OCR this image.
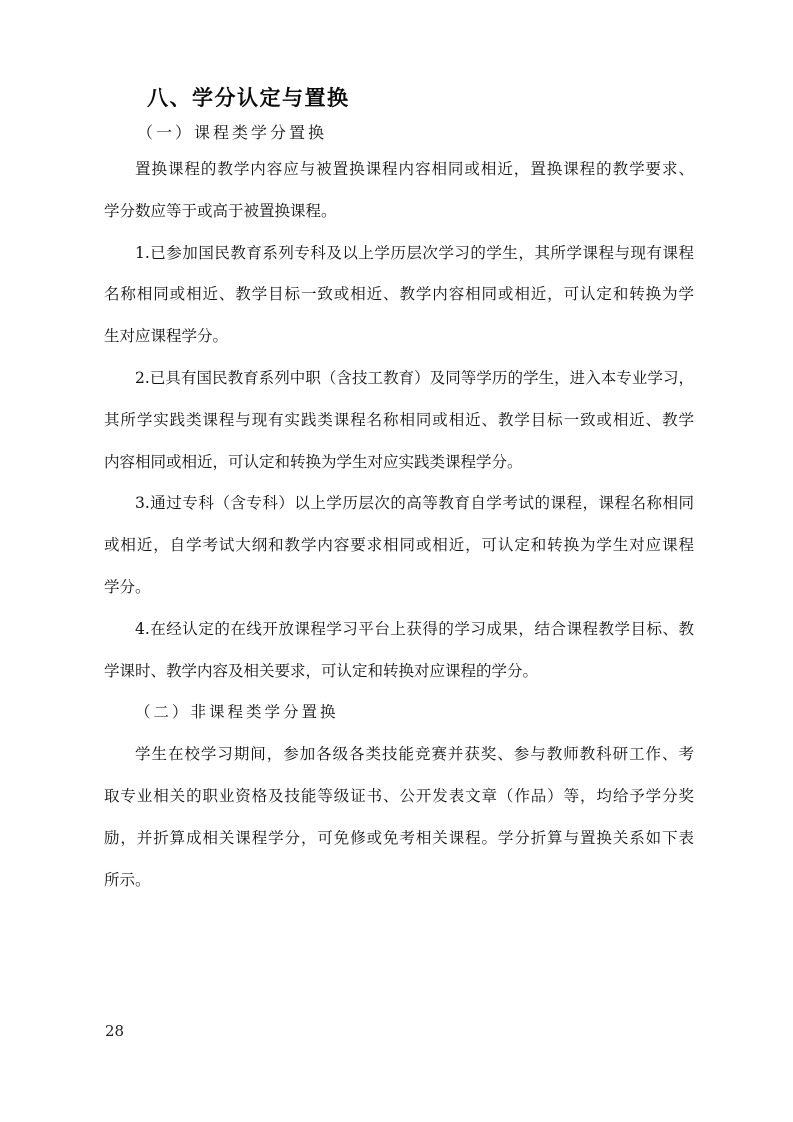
八、学分认定与置换
（一）课程类学分置换
置换课程的教学内容应与被置换课程内容相同或相近，置换课程的教学要求、
学分数应等于或高于被置换课程。
1.已参加国民教育系列专科及以上学历层次学习的学生，其所学课程与现有课程
名称相同或相近、教学目标一致或相近、教学内容相同或相近，可认定和转换为学
生对应课程学分。
2.已具有国民教育系列中职（含技工教育）及同等学历的学生，进入本专业学习，
其所学实践类课程与现有实践类课程名称相同或相近、教学目标一致或相近、教学
内容相同或相近，可认定和转换为学生对应实践类课程学分。
3.通过专科（含专科）以上学历层次的高等教育自学考试的课程，课程名称相同
或相近，自学考试大纲和教学内容要求相同或相近，可认定和转换为学生对应课程
学分。
4.在经认定的在线开放课程学习平台上获得的学习成果，结合课程教学目标、教
学课时、教学内容及相关要求，可认定和转换对应课程的学分。
（二）非课程类学分置换
学生在校学习期间，参加各级各类技能竞赛并获奖、参与教师教科研工作、考
取专业相关的职业资格及技能等级证书、公开发表文章（作品）等，均给予学分奖
励，并折算成相关课程学分，可免修或免考相关课程。学分折算与置换关系如下表
所示。
28
